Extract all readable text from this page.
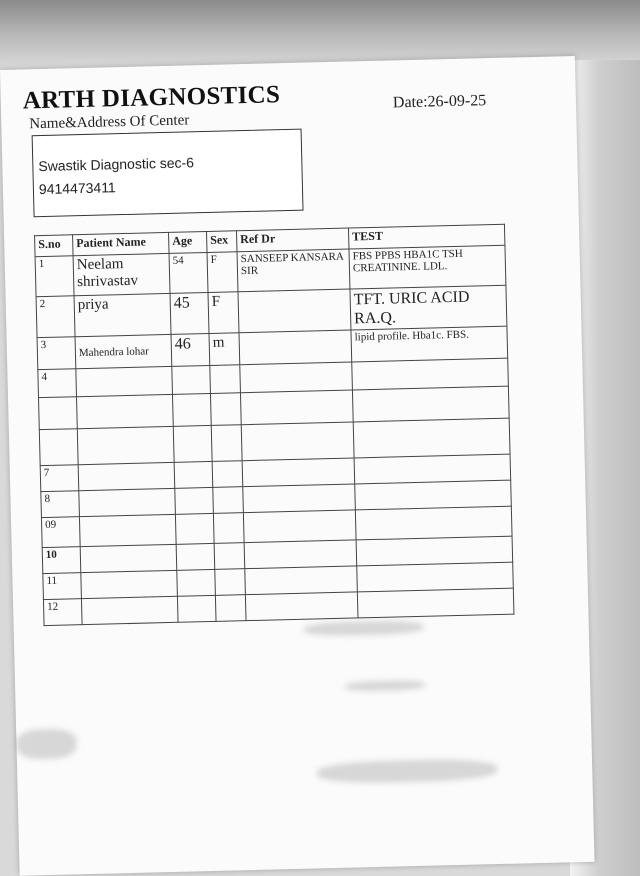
ARTH DIAGNOSTICS	Date:26-09-25
Name&Address Of Center
Swastik Diagnostic sec-6
9414473411
S.no	Patient Name	Age	Sex	Ref Dr	TEST
1	Neelam shrivastav	54	F	SANSEEP KANSARA SIR	FBS PPBS HBA1C TSH CREATININE. LDL.
2	priya	45	F		TFT. URIC ACID RA.Q.
3	Mahendra lohar	46	m		lipid profile. Hba1c. FBS.
4					

7					
8					
09					
10					
11					
12					
